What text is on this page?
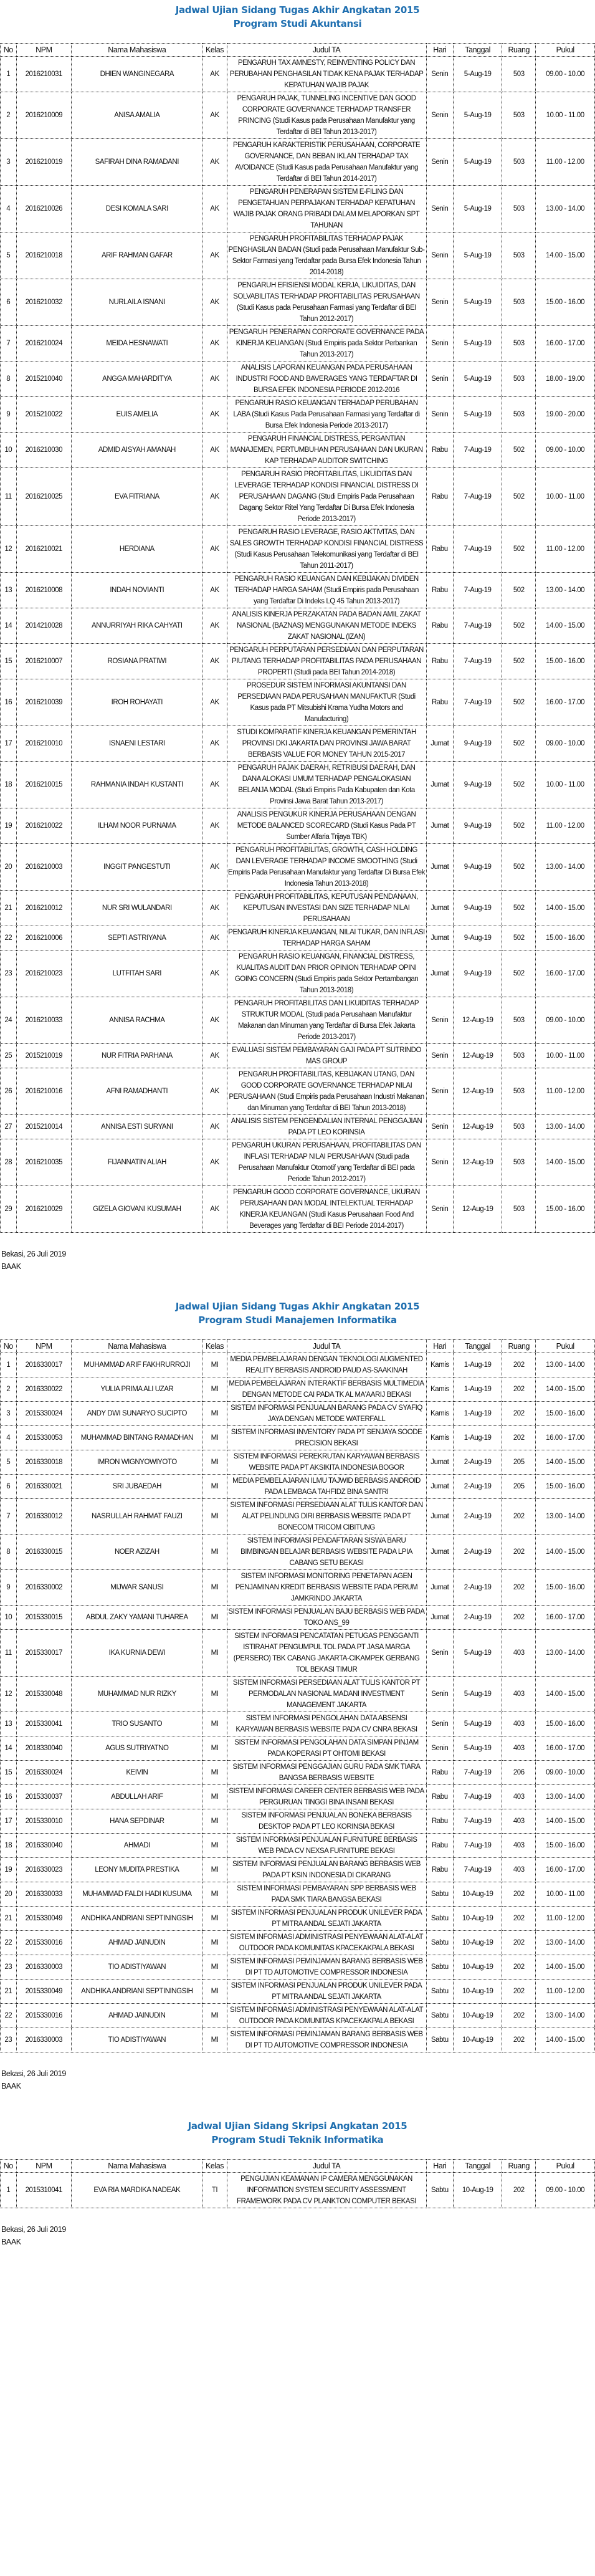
Jadwal Ujian Sidang Tugas Akhir Angkatan 2015
Program Studi Akuntansi
No	NPM	Nama Mahasiswa	Kelas	Judul TA	Hari	Tanggal	Ruang	Pukul
1	2016210031	DHIEN WANGINEGARA	AK	PENGARUH TAX AMNESTY, REINVENTING POLICY DAN PERUBAHAN PENGHASILAN TIDAK KENA PAJAK TERHADAP KEPATUHAN WAJIB PAJAK	Senin	5-Aug-19	503	09.00 - 10.00
2	2016210009	ANISA AMALIA	AK	PENGARUH PAJAK, TUNNELING INCENTIVE DAN GOOD CORPORATE GOVERNANCE TERHADAP TRANSFER PRINCING (Studi Kasus pada Perusahaan Manufaktur yang Terdaftar di BEI Tahun 2013-2017)	Senin	5-Aug-19	503	10.00 - 11.00
3	2016210019	SAFIRAH DINA RAMADANI	AK	PENGARUH KARAKTERISTIK PERUSAHAAN, CORPORATE GOVERNANCE, DAN BEBAN IKLAN TERHADAP TAX AVOIDANCE (Studi Kasus pada Perusahaan Manufaktur yang Terdaftar di BEI Tahun 2014-2017)	Senin	5-Aug-19	503	11.00 - 12.00
4	2016210026	DESI KOMALA SARI	AK	PENGARUH PENERAPAN SISTEM E-FILING DAN PENGETAHUAN PERPAJAKAN TERHADAP KEPATUHAN WAJIB PAJAK ORANG PRIBADI DALAM MELAPORKAN SPT TAHUNAN	Senin	5-Aug-19	503	13.00 - 14.00
5	2016210018	ARIF RAHMAN GAFAR	AK	PENGARUH PROFITABILITAS TERHADAP PAJAK PENGHASILAN BADAN (Studi pada Perusahaan Manufaktur Sub-Sektor Farmasi yang Terdaftar pada Bursa Efek Indonesia Tahun 2014-2018)	Senin	5-Aug-19	503	14.00 - 15.00
6	2016210032	NURLAILA ISNANI	AK	PENGARUH EFISIENSI MODAL KERJA, LIKUIDITAS, DAN SOLVABILITAS TERHADAP PROFITABILITAS PERUSAHAAN (Studi Kasus pada Perusahaan Farmasi yang Terdaftar di BEI Tahun 2012-2017)	Senin	5-Aug-19	503	15.00 - 16.00
7	2016210024	MEIDA HESNAWATI	AK	PENGARUH PENERAPAN CORPORATE GOVERNANCE PADA KINERJA KEUANGAN (Studi Empiris pada Sektor Perbankan Tahun 2013-2017)	Senin	5-Aug-19	503	16.00 - 17.00
8	2015210040	ANGGA MAHARDITYA	AK	ANALISIS LAPORAN KEUANGAN PADA PERUSAHAAN INDUSTRI FOOD AND BAVERAGES YANG TERDAFTAR DI BURSA EFEK INDONESIA PERIODE 2012-2016	Senin	5-Aug-19	503	18.00 - 19.00
9	2015210022	EUIS AMELIA	AK	PENGARUH RASIO KEUANGAN TERHADAP PERUBAHAN LABA (Studi Kasus Pada Perusahaan Farmasi yang Terdaftar di Bursa Efek Indonesia Periode 2013-2017)	Senin	5-Aug-19	503	19.00 - 20.00
10	2016210030	ADMID AISYAH AMANAH	AK	PENGARUH FINANCIAL DISTRESS, PERGANTIAN MANAJEMEN, PERTUMBUHAN PERUSAHAAN DAN UKURAN KAP TERHADAP AUDITOR SWITCHING	Rabu	7-Aug-19	502	09.00 - 10.00
11	2016210025	EVA FITRIANA	AK	PENGARUH RASIO PROFITABILITAS, LIKUIDITAS DAN LEVERAGE TERHADAP KONDISI FINANCIAL DISTRESS DI PERUSAHAAN DAGANG (Studi Empiris Pada Perusahaan Dagang Sektor Ritel Yang Terdaftar Di Bursa Efek Indonesia Periode 2013-2017)	Rabu	7-Aug-19	502	10.00 - 11.00
12	2016210021	HERDIANA	AK	PENGARUH RASIO LEVERAGE, RASIO AKTIVITAS, DAN SALES GROWTH TERHADAP KONDISI FINANCIAL DISTRESS (Studi Kasus Perusahaan Telekomunikasi yang Terdaftar di BEI Tahun 2011-2017)	Rabu	7-Aug-19	502	11.00 - 12.00
13	2016210008	INDAH NOVIANTI	AK	PENGARUH RASIO KEUANGAN DAN KEBIJAKAN DIVIDEN TERHADAP HARGA SAHAM (Studi Empiris pada Perusahaan yang Terdaftar Di Indeks LQ 45 Tahun 2013-2017)	Rabu	7-Aug-19	502	13.00 - 14.00
14	2014210028	ANNURRIYAH RIKA CAHYATI	AK	ANALISIS KINERJA PERZAKATAN PADA BADAN AMIL ZAKAT NASIONAL (BAZNAS) MENGGUNAKAN METODE INDEKS ZAKAT NASIONAL (IZAN)	Rabu	7-Aug-19	502	14.00 - 15.00
15	2016210007	ROSIANA PRATIWI	AK	PENGARUH PERPUTARAN PERSEDIAAN DAN PERPUTARAN PIUTANG TERHADAP PROFITABILITAS PADA PERUSAHAAN PROPERTI (Studi pada BEI Tahun 2014-2018)	Rabu	7-Aug-19	502	15.00 - 16.00
16	2016210039	IROH ROHAYATI	AK	PROSEDUR SISTEM INFORMASI AKUNTANSI DAN PERSEDIAAN PADA PERUSAHAAN MANUFAKTUR (Studi Kasus pada PT Mitsubishi Krama Yudha Motors and Manufacturing)	Rabu	7-Aug-19	502	16.00 - 17.00
17	2016210010	ISNAENI LESTARI	AK	STUDI KOMPARATIF KINERJA KEUANGAN PEMERINTAH PROVINSI DKI JAKARTA DAN PROVINSI JAWA BARAT BERBASIS VALUE FOR MONEY TAHUN 2015-2017	Jumat	9-Aug-19	502	09.00 - 10.00
18	2016210015	RAHMANIA INDAH KUSTANTI	AK	PENGARUH PAJAK DAERAH, RETRIBUSI DAERAH, DAN DANA ALOKASI UMUM TERHADAP PENGALOKASIAN BELANJA MODAL (Studi Empiris Pada Kabupaten dan Kota Provinsi Jawa Barat Tahun 2013-2017)	Jumat	9-Aug-19	502	10.00 - 11.00
19	2016210022	ILHAM NOOR PURNAMA	AK	ANALISIS PENGUKUR KINERJA PERUSAHAAN DENGAN METODE BALANCED SCORECARD (Studi Kasus Pada PT Sumber Alfaria Trijaya TBK)	Jumat	9-Aug-19	502	11.00 - 12.00
20	2016210003	INGGIT PANGESTUTI	AK	PENGARUH PROFITABILITAS, GROWTH, CASH HOLDING DAN LEVERAGE TERHADAP INCOME SMOOTHING (Studi Empiris Pada Perusahaan Manufaktur yang Terdaftar Di Bursa Efek Indonesia Tahun 2013-2018)	Jumat	9-Aug-19	502	13.00 - 14.00
21	2016210012	NUR SRI WULANDARI	AK	PENGARUH PROFITABILITAS, KEPUTUSAN PENDANAAN, KEPUTUSAN INVESTASI DAN SIZE TERHADAP NILAI PERUSAHAAN	Jumat	9-Aug-19	502	14.00 - 15.00
22	2016210006	SEPTI ASTRIYANA	AK	PENGARUH KINERJA KEUANGAN, NILAI TUKAR, DAN INFLASI TERHADAP HARGA SAHAM	Jumat	9-Aug-19	502	15.00 - 16.00
23	2016210023	LUTFITAH SARI	AK	PENGARUH RASIO KEUANGAN, FINANCIAL DISTRESS, KUALITAS AUDIT DAN PRIOR OPINION TERHADAP OPINI GOING CONCERN (Studi Empiris pada Sektor Pertambangan Tahun 2013-2018)	Jumat	9-Aug-19	502	16.00 - 17.00
24	2016210033	ANNISA RACHMA	AK	PENGARUH PROFITABILITAS DAN LIKUIDITAS TERHADAP STRUKTUR MODAL (Studi pada Perusahaan Manufaktur Makanan dan Minuman yang Terdaftar di Bursa Efek Jakarta Periode 2013-2017)	Senin	12-Aug-19	503	09.00 - 10.00
25	2015210019	NUR FITRIA PARHANA	AK	EVALUASI SISTEM PEMBAYARAN GAJI PADA PT SUTRINDO MAS GROUP	Senin	12-Aug-19	503	10.00 - 11.00
26	2016210016	AFNI RAMADHANTI	AK	PENGARUH PROFITABILITAS, KEBIJAKAN UTANG, DAN GOOD CORPORATE GOVERNANCE TERHADAP NILAI PERUSAHAAN (Studi Empiris pada Perusahaan Industri Makanan dan Minuman yang Terdaftar di BEI Tahun 2013-2018)	Senin	12-Aug-19	503	11.00 - 12.00
27	2015210014	ANNISA ESTI SURYANI	AK	ANALISIS SISTEM PENGENDALIAN INTERNAL PENGGAJIAN PADA PT LEO KORINSIA	Senin	12-Aug-19	503	13.00 - 14.00
28	2016210035	FIJANNATIN ALIAH	AK	PENGARUH UKURAN PERUSAHAAN, PROFITABILITAS DAN INFLASI TERHADAP NILAI PERUSAHAAN (Studi pada Perusahaan Manufaktur Otomotif yang Terdaftar di BEI pada Periode Tahun 2012-2017)	Senin	12-Aug-19	503	14.00 - 15.00
29	2016210029	GIZELA GIOVANI KUSUMAH	AK	PENGARUH GOOD CORPORATE GOVERNANCE, UKURAN PERUSAHAAN DAN MODAL INTELEKTUAL TERHADAP KINERJA KEUANGAN (Studi Kasus Perusahaan Food And Beverages yang Terdaftar di BEI Periode 2014-2017)	Senin	12-Aug-19	503	15.00 - 16.00
Bekasi, 26 Juli 2019
BAAK
Jadwal Ujian Sidang Tugas Akhir Angkatan 2015
Program Studi Manajemen Informatika
No	NPM	Nama Mahasiswa	Kelas	Judul TA	Hari	Tanggal	Ruang	Pukul
1	2016330017	MUHAMMAD ARIF FAKHRURROJI	MI	MEDIA PEMBELAJARAN DENGAN TEKNOLOGI AUGMENTED REALITY BERBASIS ANDROID PAUD AS-SAAKINAH	Kamis	1-Aug-19	202	13.00 - 14.00
2	2016330022	YULIA PRIMA ALI UZAR	MI	MEDIA PEMBELAJARAN INTERAKTIF BERBASIS MULTIMEDIA DENGAN METODE CAI PADA TK AL MA'AARIJ BEKASI	Kamis	1-Aug-19	202	14.00 - 15.00
3	2015330024	ANDY DWI SUNARYO SUCIPTO	MI	SISTEM INFORMASI PENJUALAN BARANG PADA CV SYAFIQ JAYA DENGAN METODE WATERFALL	Kamis	1-Aug-19	202	15.00 - 16.00
4	2015330053	MUHAMMAD BINTANG RAMADHAN	MI	SISTEM INFORMASI INVENTORY PADA PT SENJAYA SOODE PRECISION BEKASI	Kamis	1-Aug-19	202	16.00 - 17.00
5	2016330018	IMRON WIGNYOWIYOTO	MI	SISTEM INFORMASI PEREKRUTAN KARYAWAN BERBASIS WEBSITE PADA PT AKSIKITA INDONESIA BOGOR	Jumat	2-Aug-19	205	14.00 - 15.00
6	2016330021	SRI JUBAEDAH	MI	MEDIA PEMBELAJARAN ILMU TAJWID BERBASIS ANDROID PADA LEMBAGA TAHFIDZ BINA SANTRI	Jumat	2-Aug-19	205	15.00 - 16.00
7	2016330012	NASRULLAH RAHMAT FAUZI	MI	SISTEM INFORMASI PERSEDIAAN ALAT TULIS KANTOR DAN ALAT PELINDUNG DIRI BERBASIS WEBSITE PADA PT BONECOM TRICOM CIBITUNG	Jumat	2-Aug-19	202	13.00 - 14.00
8	2016330015	NOER AZIZAH	MI	SISTEM INFORMASI PENDAFTARAN SISWA BARU BIMBINGAN BELAJAR BERBASIS WEBSITE PADA LPIA CABANG SETU BEKASI	Jumat	2-Aug-19	202	14.00 - 15.00
9	2016330002	MIJWAR SANUSI	MI	SISTEM INFORMASI MONITORING PENETAPAN AGEN PENJAMINAN KREDIT BERBASIS WEBSITE PADA PERUM JAMKRINDO JAKARTA	Jumat	2-Aug-19	202	15.00 - 16.00
10	2015330015	ABDUL ZAKY YAMANI TUHAREA	MI	SISTEM INFORMASI PENJUALAN BAJU BERBASIS WEB PADA TOKO ANS_99	Jumat	2-Aug-19	202	16.00 - 17.00
11	2015330017	IKA KURNIA DEWI	MI	SISTEM INFORMASI PENCATATAN PETUGAS PENGGANTI ISTIRAHAT PENGUMPUL TOL PADA PT JASA MARGA (PERSERO) TBK CABANG JAKARTA-CIKAMPEK GERBANG TOL BEKASI TIMUR	Senin	5-Aug-19	403	13.00 - 14.00
12	2015330048	MUHAMMAD NUR RIZKY	MI	SISTEM INFORMASI PERSEDIAAN ALAT TULIS KANTOR PT PERMODALAN NASIONAL MADANI INVESTMENT MANAGEMENT JAKARTA	Senin	5-Aug-19	403	14.00 - 15.00
13	2015330041	TRIO SUSANTO	MI	SISTEM INFORMASI PENGOLAHAN DATA ABSENSI KARYAWAN BERBASIS WEBSITE PADA CV CNRA BEKASI	Senin	5-Aug-19	403	15.00 - 16.00
14	2018330040	AGUS SUTRIYATNO	MI	SISTEM INFORMASI PENGOLAHAN DATA SIMPAN PINJAM PADA KOPERASI PT OHTOMI BEKASI	Senin	5-Aug-19	403	16.00 - 17.00
15	2016330024	KEIVIN	MI	SISTEM INFORMASI PENGGAJIAN GURU PADA SMK TIARA BANGSA BERBASIS WEBSITE	Rabu	7-Aug-19	206	09.00 - 10.00
16	2015330037	ABDULLAH ARIF	MI	SISTEM INFORMASI CAREER CENTER BERBASIS WEB PADA PERGURUAN TINGGI BINA INSANI BEKASI	Rabu	7-Aug-19	403	13.00 - 14.00
17	2015330010	HANA SEPDINAR	MI	SISTEM INFORMASI PENJUALAN BONEKA BERBASIS DESKTOP PADA PT LEO KORINSIA BEKASI	Rabu	7-Aug-19	403	14.00 - 15.00
18	2016330040	AHMADI	MI	SISTEM INFORMASI PENJUALAN FURNITURE BERBASIS WEB PADA CV NEXSA FURNITURE BEKASI	Rabu	7-Aug-19	403	15.00 - 16.00
19	2016330023	LEONY MUDITA PRESTIKA	MI	SISTEM INFORMASI PENJUALAN BARANG BERBASIS WEB PADA PT KSIN INDONESIA DI CIKARANG	Rabu	7-Aug-19	403	16.00 - 17.00
20	2016330033	MUHAMMAD FALDI HADI KUSUMA	MI	SISTEM INFORMASI PEMBAYARAN SPP BERBASIS WEB PADA SMK TIARA BANGSA BEKASI	Sabtu	10-Aug-19	202	10.00 - 11.00
21	2015330049	ANDHIKA ANDRIANI SEPTININGSIH	MI	SISTEM INFORMASI PENJUALAN PRODUK UNILEVER PADA PT MITRA ANDAL SEJATI JAKARTA	Sabtu	10-Aug-19	202	11.00 - 12.00
22	2015330016	AHMAD JAINUDIN	MI	SISTEM INFORMASI ADMINISTRASI PENYEWAAN ALAT-ALAT OUTDOOR PADA KOMUNITAS KPACEKAKPALA BEKASI	Sabtu	10-Aug-19	202	13.00 - 14.00
23	2016330003	TIO ADISTIYAWAN	MI	SISTEM INFORMASI PEMINJAMAN BARANG BERBASIS WEB DI PT TD AUTOMOTIVE COMPRESSOR INDONESIA	Sabtu	10-Aug-19	202	14.00 - 15.00
21	2015330049	ANDHIKA ANDRIANI SEPTININGSIH	MI	SISTEM INFORMASI PENJUALAN PRODUK UNILEVER PADA PT MITRA ANDAL SEJATI JAKARTA	Sabtu	10-Aug-19	202	11.00 - 12.00
22	2015330016	AHMAD JAINUDIN	MI	SISTEM INFORMASI ADMINISTRASI PENYEWAAN ALAT-ALAT OUTDOOR PADA KOMUNITAS KPACEKAKPALA BEKASI	Sabtu	10-Aug-19	202	13.00 - 14.00
23	2016330003	TIO ADISTIYAWAN	MI	SISTEM INFORMASI PEMINJAMAN BARANG BERBASIS WEB DI PT TD AUTOMOTIVE COMPRESSOR INDONESIA	Sabtu	10-Aug-19	202	14.00 - 15.00
Bekasi, 26 Juli 2019
BAAK
Jadwal Ujian Sidang Skripsi Angkatan 2015
Program Studi Teknik Informatika
No	NPM	Nama Mahasiswa	Kelas	Judul TA	Hari	Tanggal	Ruang	Pukul
1	2015310041	EVA RIA MARDIKA NADEAK	TI	PENGUJIAN KEAMANAN IP CAMERA MENGGUNAKAN INFORMATION SYSTEM SECURITY ASSESSMENT FRAMEWORK PADA CV PLANKTON COMPUTER BEKASI	Sabtu	10-Aug-19	202	09.00 - 10.00
Bekasi, 26 Juli 2019
BAAK
